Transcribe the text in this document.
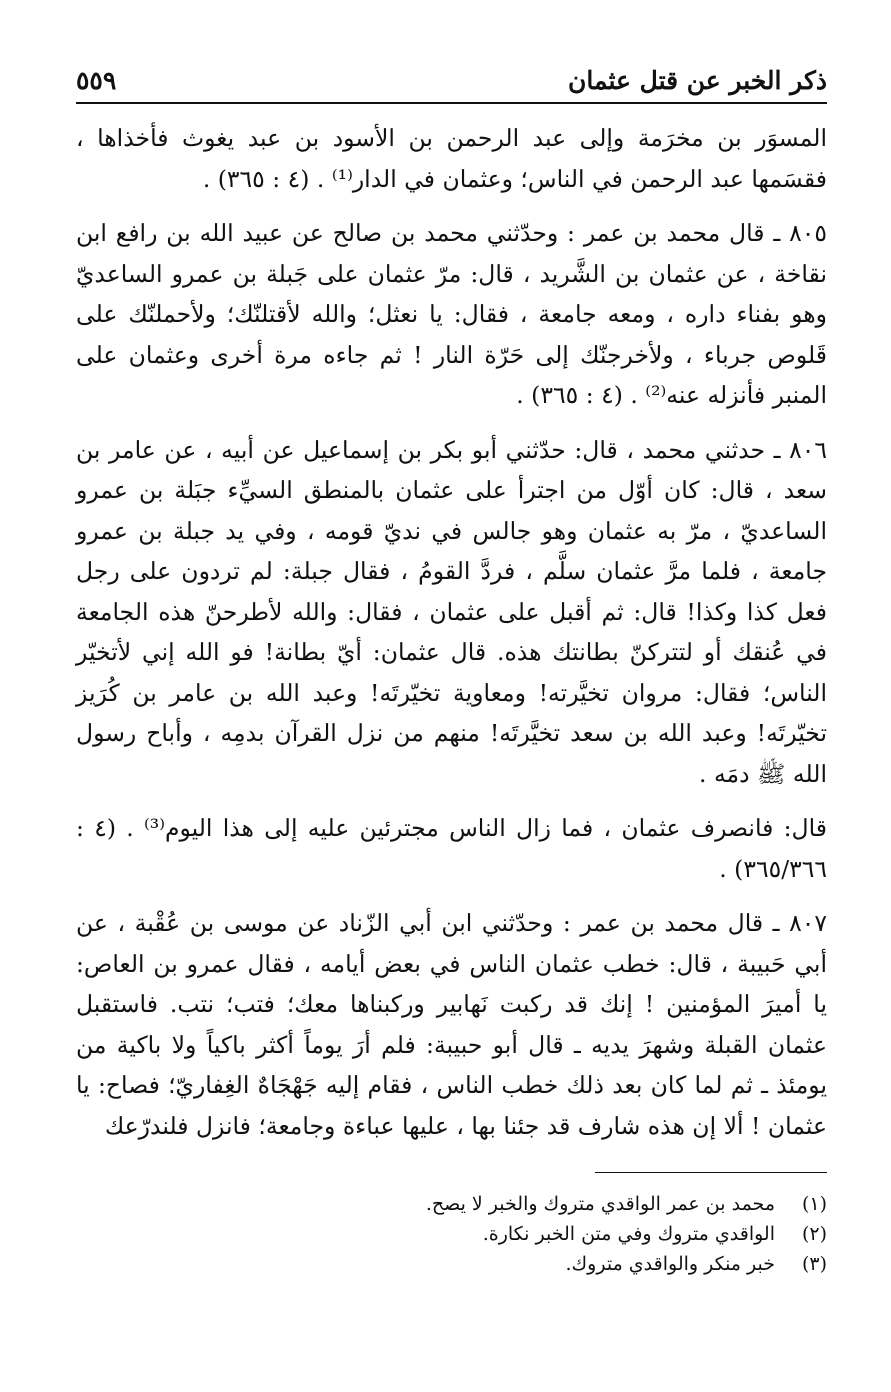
ذكر الخبر عن قتل عثمان
٥٥٩

المسوَر بن مخرَمة وإلى عبد الرحمن بن الأسود بن عبد يغوث فأخذاها ، فقسَمها عبد الرحمن في الناس؛ وعثمان في الدار⁽¹⁾ . (٤ : ٣٦٥) .

٨٠٥ ـ قال محمد بن عمر : وحدّثني محمد بن صالح عن عبيد الله بن رافع ابن نقاخة ، عن عثمان بن الشَّريد ، قال: مرّ عثمان على جَبلة بن عمرو الساعديّ وهو بفناء داره ، ومعه جامعة ، فقال: يا نعثل؛ والله لأقتلنّك؛ ولأحملنّك على قَلوص جرباء ، ولأخرجنّك إلى حَرّة النار ! ثم جاءه مرة أخرى وعثمان على المنبر فأنزله عنه⁽²⁾ . (٤ : ٣٦٥) .

٨٠٦ ـ حدثني محمد ، قال: حدّثني أبو بكر بن إسماعيل عن أبيه ، عن عامر بن سعد ، قال: كان أوّل من اجترأ على عثمان بالمنطق السيِّء جبَلة بن عمرو الساعديّ ، مرّ به عثمان وهو جالس في نديّ قومه ، وفي يد جبلة بن عمرو جامعة ، فلما مرَّ عثمان سلَّم ، فردَّ القومُ ، فقال جبلة: لم تردون على رجل فعل كذا وكذا! قال: ثم أقبل على عثمان ، فقال: والله لأطرحنّ هذه الجامعة في عُنقك أو لتتركنّ بطانتك هذه. قال عثمان: أيّ بطانة! فو الله إني لأتخيّر الناس؛ فقال: مروان تخيَّرته! ومعاوية تخيّرتَه! وعبد الله بن عامر بن كُرَيز تخيّرتَه! وعبد الله بن سعد تخيَّرتَه! منهم من نزل القرآن بدمِه ، وأباح رسول الله ﷺ دمَه .

قال: فانصرف عثمان ، فما زال الناس مجترئين عليه إلى هذا اليوم⁽³⁾ . (٤ : ٣٦٥/٣٦٦) .

٨٠٧ ـ قال محمد بن عمر : وحدّثني ابن أبي الزّناد عن موسى بن عُقْبة ، عن أبي حَبيبة ، قال: خطب عثمان الناس في بعض أيامه ، فقال عمرو بن العاص: يا أميرَ المؤمنين ! إنك قد ركبت نَهابير وركبناها معك؛ فتب؛ نتب. فاستقبل عثمان القبلة وشهرَ يديه ـ قال أبو حبيبة: فلم أرَ يوماً أكثر باكياً ولا باكية من يومئذ ـ ثم لما كان بعد ذلك خطب الناس ، فقام إليه جَهْجَاهٌ الغِفاريّ؛ فصاح: يا عثمان ! ألا إن هذه شارف قد جئنا بها ، عليها عباءة وجامعة؛ فانزل فلندرّعك

(١)
محمد بن عمر الواقدي متروك والخبر لا يصح.
(٢)
الواقدي متروك وفي متن الخبر نكارة.
(٣)
خبر منكر والواقدي متروك.
